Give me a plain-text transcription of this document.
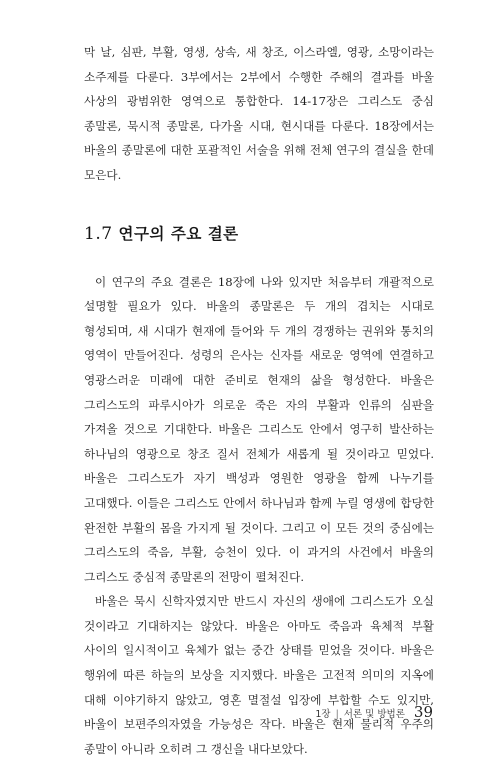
막 날, 심판, 부활, 영생, 상속, 새 창조, 이스라엘, 영광, 소망이라는 소주제를 다룬다. 3부에서는 2부에서 수행한 주해의 결과를 바울 사상의 광범위한 영역으로 통합한다. 14-17장은 그리스도 중심 종말론, 묵시적 종말론, 다가올 시대, 현시대를 다룬다. 18장에서는 바울의 종말론에 대한 포괄적인 서술을 위해 전체 연구의 결실을 한데 모은다.

1.7 연구의 주요 결론

이 연구의 주요 결론은 18장에 나와 있지만 처음부터 개괄적으로 설명할 필요가 있다. 바울의 종말론은 두 개의 겹치는 시대로 형성되며, 새 시대가 현재에 들어와 두 개의 경쟁하는 권위와 통치의 영역이 만들어진다. 성령의 은사는 신자를 새로운 영역에 연결하고 영광스러운 미래에 대한 준비로 현재의 삶을 형성한다. 바울은 그리스도의 파루시아가 의로운 죽은 자의 부활과 인류의 심판을 가져올 것으로 기대한다. 바울은 그리스도 안에서 영구히 발산하는 하나님의 영광으로 창조 질서 전체가 새롭게 될 것이라고 믿었다. 바울은 그리스도가 자기 백성과 영원한 영광을 함께 나누기를 고대했다. 이들은 그리스도 안에서 하나님과 함께 누릴 영생에 합당한 완전한 부활의 몸을 가지게 될 것이다. 그리고 이 모든 것의 중심에는 그리스도의 죽음, 부활, 승천이 있다. 이 과거의 사건에서 바울의 그리스도 중심적 종말론의 전망이 펼쳐진다.

바울은 묵시 신학자였지만 반드시 자신의 생애에 그리스도가 오실 것이라고 기대하지는 않았다. 바울은 아마도 죽음과 육체적 부활 사이의 일시적이고 육체가 없는 중간 상태를 믿었을 것이다. 바울은 행위에 따른 하늘의 보상을 지지했다. 바울은 고전적 의미의 지옥에 대해 이야기하지 않았고, 영혼 멸절설 입장에 부합할 수도 있지만, 바울이 보편주의자였을 가능성은 작다. 바울은 현재 물리적 우주의 종말이 아니라 오히려 그 갱신을 내다보았다.

1장 | 서론 및 방법론 39
